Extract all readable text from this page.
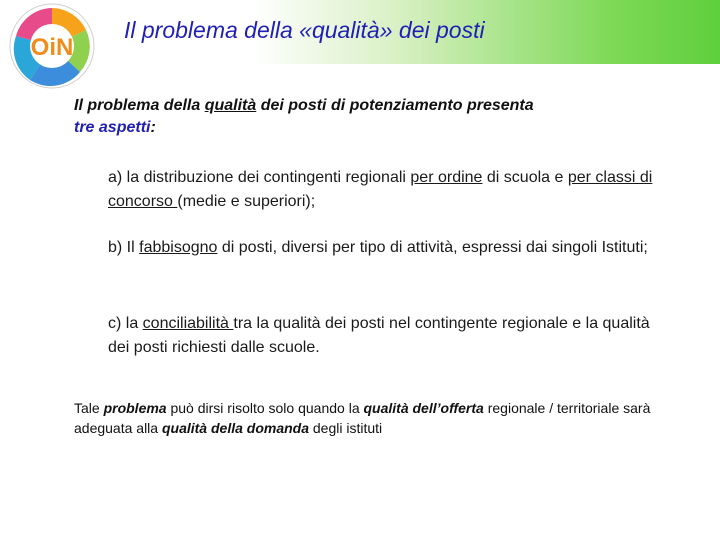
OiN
Il problema della «qualità» dei posti
Il problema della qualità dei posti di potenziamento presenta
tre aspetti:
a) la distribuzione dei contingenti regionali per ordine di scuola e per classi di concorso (medie e superiori);
b) Il fabbisogno di posti, diversi per tipo di attività, espressi dai singoli Istituti;
c) la conciliabilità tra la qualità dei posti nel contingente regionale e la qualità dei posti richiesti dalle scuole.
Tale problema può dirsi risolto solo quando la qualità dell’offerta regionale / territoriale sarà adeguata alla qualità della domanda degli istituti
